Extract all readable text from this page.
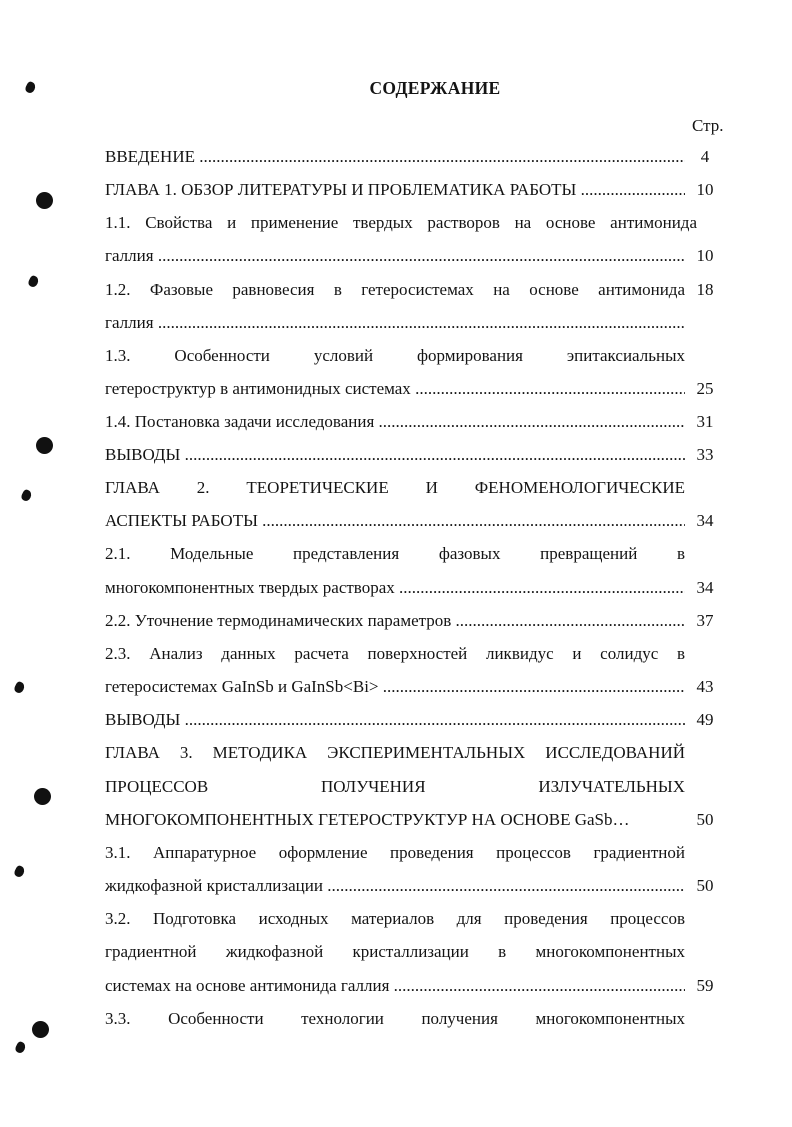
СОДЕРЖАНИЕ
Стр.
ВВЕДЕНИЕ .....
ГЛАВА 1. ОБЗОР ЛИТЕРАТУРЫ И ПРОБЛЕМАТИКА РАБОТЫ .....
1.1. Свойства и применение твердых растворов на основе антимонида
галлия .....
1.2. Фазовые равновесия в гетеросистемах на основе антимонида
галлия .....
1.3. Особенности условий формирования эпитаксиальных
гетероструктур в антимонидных системах .....
1.4. Постановка задачи исследования .....
ВЫВОДЫ .....
ГЛАВА 2. ТЕОРЕТИЧЕСКИЕ И ФЕНОМЕНОЛОГИЧЕСКИЕ
АСПЕКТЫ РАБОТЫ .....
2.1. Модельные представления фазовых превращений в
многокомпонентных твердых растворах .....
2.2. Уточнение термодинамических параметров .....
2.3. Анализ данных расчета поверхностей ликвидус и солидус в
гетеросистемах GaInSb и GaInSb<Bi> .....
ВЫВОДЫ .....
ГЛАВА 3. МЕТОДИКА ЭКСПЕРИМЕНТАЛЬНЫХ ИССЛЕДОВАНИЙ
ПРОЦЕССОВ ПОЛУЧЕНИЯ ИЗЛУЧАТЕЛЬНЫХ
МНОГОКОМПОНЕНТНЫХ ГЕТЕРОСТРУКТУР НА ОСНОВЕ GaSb…
3.1. Аппаратурное оформление проведения процессов градиентной
жидкофазной кристаллизации .....
3.2. Подготовка исходных материалов для проведения процессов
градиентной жидкофазной кристаллизации в многокомпонентных
системах на основе антимонида галлия .....
3.3. Особенности технологии получения многокомпонентных
4
10
10
18
25
31
33
34
34
37
43
49
50
50
59
